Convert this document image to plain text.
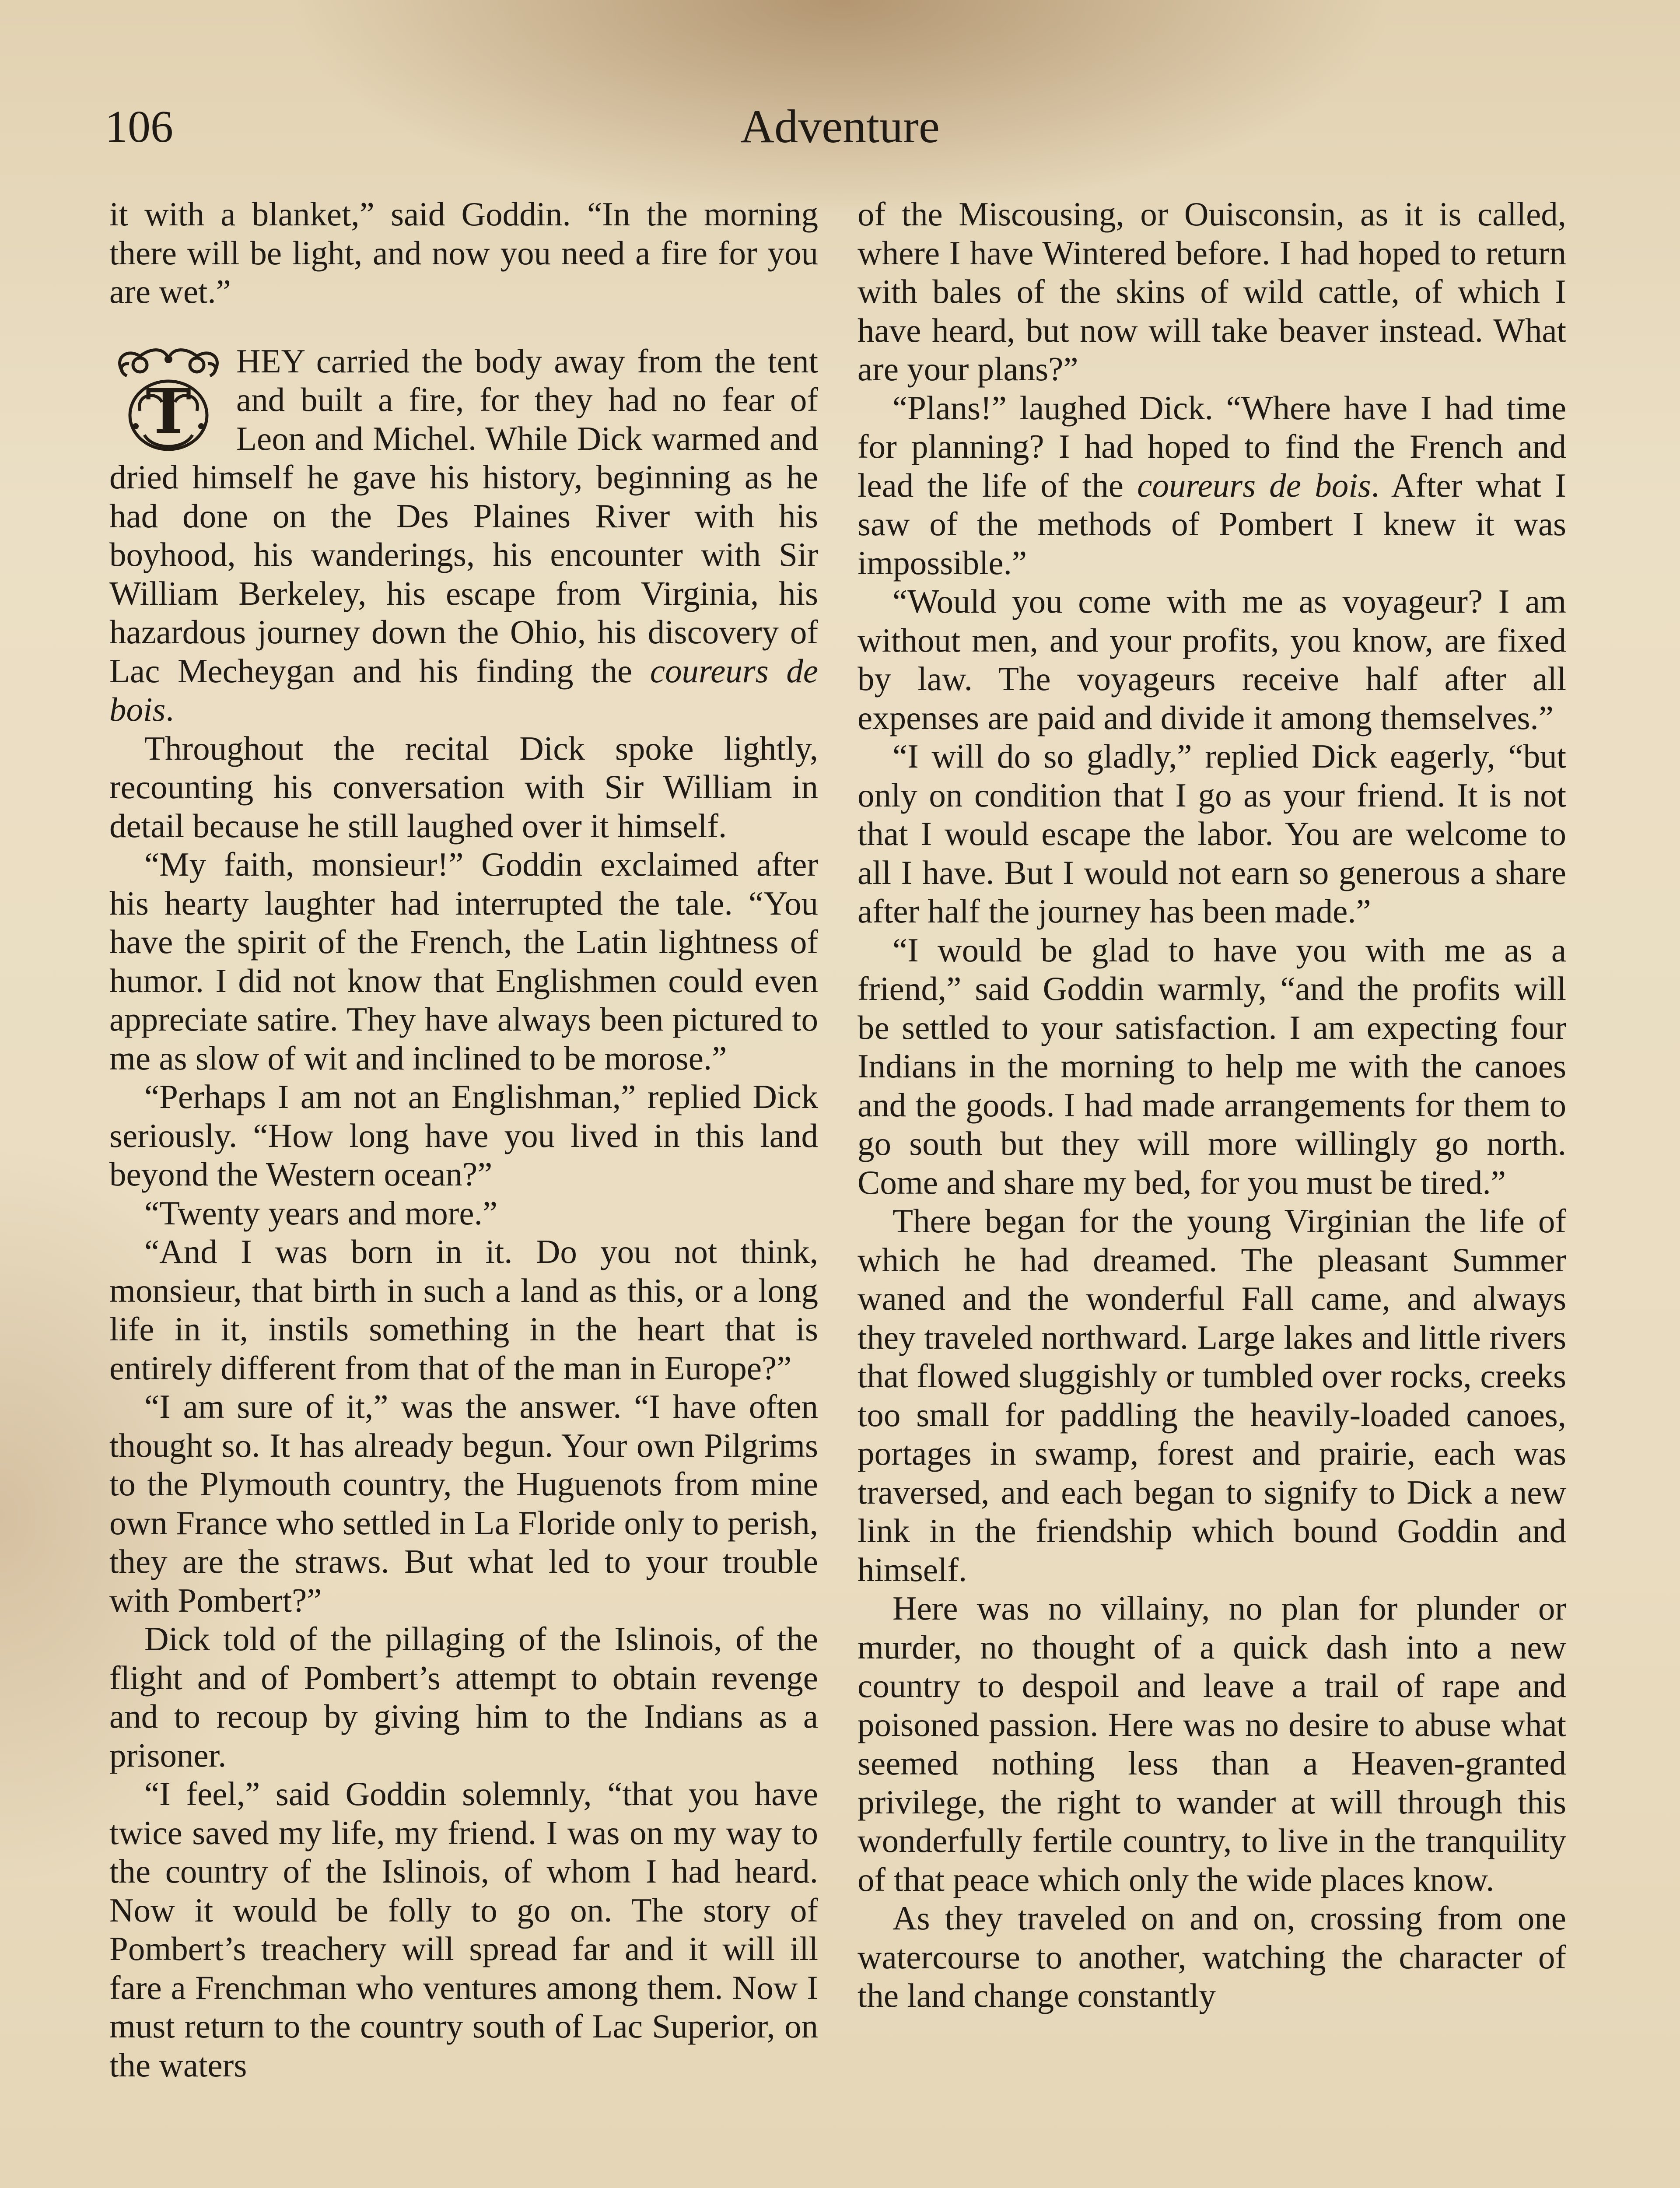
106	Adventure

it with a blanket,” said Goddin. “In the morning there will be light, and now you need a fire for you are wet.”

T
HEY carried the body away from the tent and built a fire, for they had no fear of Leon and Michel. While Dick warmed and dried himself he gave his history, beginning as he had done on the Des Plaines River with his boyhood, his wanderings, his encounter with Sir William Berkeley, his escape from Virginia, his hazardous journey down the Ohio, his discovery of Lac Mecheygan and his finding the coureurs de bois.

Throughout the recital Dick spoke lightly, recounting his conversation with Sir William in detail because he still laughed over it himself.

“My faith, monsieur!” Goddin exclaimed after his hearty laughter had interrupted the tale. “You have the spirit of the French, the Latin lightness of humor. I did not know that Englishmen could even appreciate satire. They have always been pictured to me as slow of wit and inclined to be morose.”

“Perhaps I am not an Englishman,” replied Dick seriously. “How long have you lived in this land beyond the Western ocean?”

“Twenty years and more.”

“And I was born in it. Do you not think, monsieur, that birth in such a land as this, or a long life in it, instils something in the heart that is entirely different from that of the man in Europe?”

“I am sure of it,” was the answer. “I have often thought so. It has already begun. Your own Pilgrims to the Plymouth country, the Huguenots from mine own France who settled in La Floride only to perish, they are the straws. But what led to your trouble with Pombert?”

Dick told of the pillaging of the Islinois, of the flight and of Pombert’s attempt to obtain revenge and to recoup by giving him to the Indians as a prisoner.

“I feel,” said Goddin solemnly, “that you have twice saved my life, my friend. I was on my way to the country of the Islinois, of whom I had heard. Now it would be folly to go on. The story of Pombert’s treachery will spread far and it will ill fare a Frenchman who ventures among them. Now I must return to the country south of Lac Superior, on the waters

of the Miscousing, or Ouisconsin, as it is called, where I have Wintered before. I had hoped to return with bales of the skins of wild cattle, of which I have heard, but now will take beaver instead. What are your plans?”

“Plans!” laughed Dick. “Where have I had time for planning? I had hoped to find the French and lead the life of the coureurs de bois. After what I saw of the methods of Pombert I knew it was impossible.”

“Would you come with me as voyageur? I am without men, and your profits, you know, are fixed by law. The voyageurs receive half after all expenses are paid and divide it among themselves.”

“I will do so gladly,” replied Dick eagerly, “but only on condition that I go as your friend. It is not that I would escape the labor. You are welcome to all I have. But I would not earn so generous a share after half the journey has been made.”

“I would be glad to have you with me as a friend,” said Goddin warmly, “and the profits will be settled to your satisfaction. I am expecting four Indians in the morning to help me with the canoes and the goods. I had made arrangements for them to go south but they will more willingly go north. Come and share my bed, for you must be tired.”

There began for the young Virginian the life of which he had dreamed. The pleasant Summer waned and the wonderful Fall came, and always they traveled northward. Large lakes and little rivers that flowed sluggishly or tumbled over rocks, creeks too small for paddling the heavily-loaded canoes, portages in swamp, forest and prairie, each was traversed, and each began to signify to Dick a new link in the friendship which bound Goddin and himself.

Here was no villainy, no plan for plunder or murder, no thought of a quick dash into a new country to despoil and leave a trail of rape and poisoned passion. Here was no desire to abuse what seemed nothing less than a Heaven-granted privilege, the right to wander at will through this wonderfully fertile country, to live in the tranquility of that peace which only the wide places know.

As they traveled on and on, crossing from one watercourse to another, watching the character of the land change constantly
